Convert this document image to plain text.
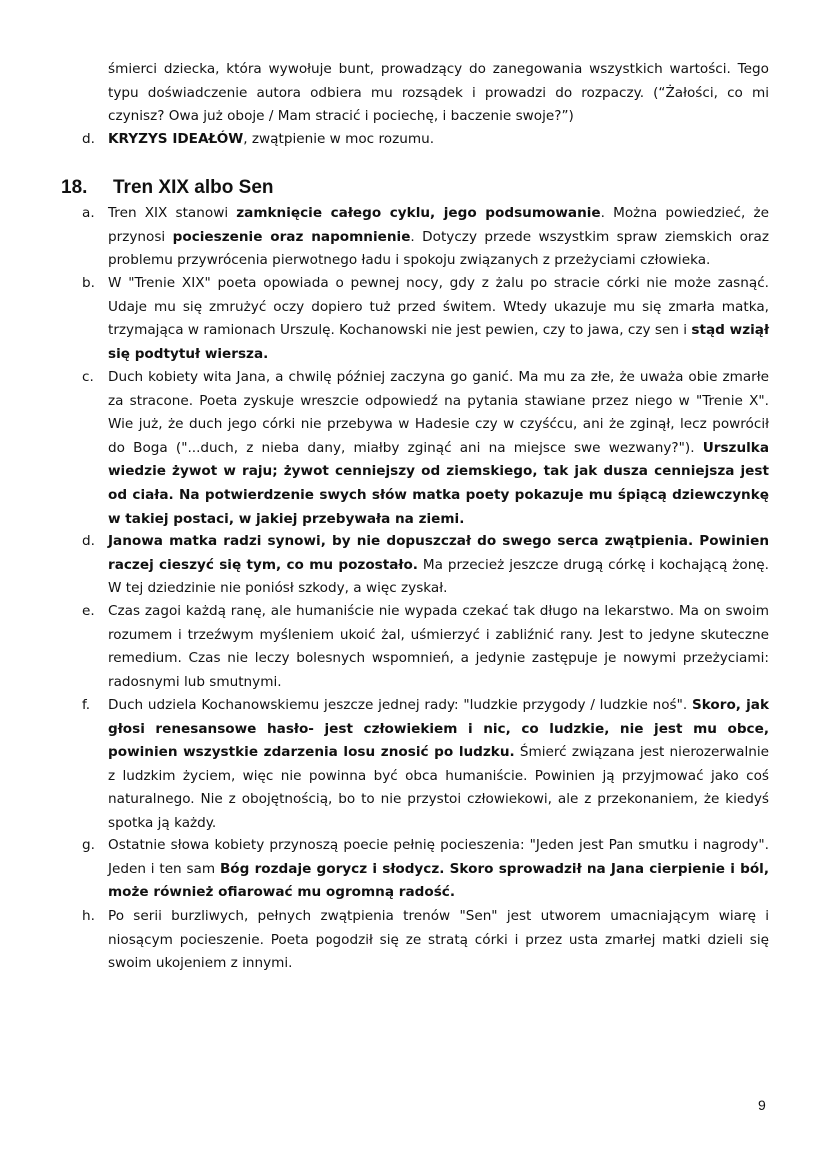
śmierci dziecka, która wywołuje bunt, prowadzący do zanegowania wszystkich wartości. Tego typu doświadczenie autora odbiera mu rozsądek i prowadzi do rozpaczy. (“Żałości, co mi czynisz? Owa już oboje / Mam stracić i pociechę, i baczenie swoje?”)

d. KRYZYS IDEAŁÓW, zwątpienie w moc rozumu.

18. Tren XIX albo Sen

a. Tren XIX stanowi zamknięcie całego cyklu, jego podsumowanie. Można powiedzieć, że przynosi pocieszenie oraz napomnienie. Dotyczy przede wszystkim spraw ziemskich oraz problemu przywrócenia pierwotnego ładu i spokoju związanych z przeżyciami człowieka.

b. W "Trenie XIX" poeta opowiada o pewnej nocy, gdy z żalu po stracie córki nie może zasnąć. Udaje mu się zmrużyć oczy dopiero tuż przed świtem. Wtedy ukazuje mu się zmarła matka, trzymająca w ramionach Urszulę. Kochanowski nie jest pewien, czy to jawa, czy sen i stąd wziął się podtytuł wiersza.

c.	Duch kobiety wita Jana, a chwilę później zaczyna go ganić. Ma mu za złe, że uważa obie zmarłe za stracone. Poeta zyskuje wreszcie odpowiedź na pytania stawiane przez niego w "Trenie X". Wie już, że duch jego córki nie przebywa w Hadesie czy w czyśćcu, ani że zginął, lecz powrócił do Boga ("...duch, z nieba dany, miałby zginąć ani na miejsce swe wezwany?"). Urszulka wiedzie żywot w raju; żywot cenniejszy od ziemskiego, tak jak dusza cenniejsza jest od ciała. Na potwierdzenie swych słów matka poety pokazuje mu śpiącą dziewczynkę w takiej postaci, w jakiej przebywała na ziemi.

d. Janowa matka radzi synowi, by nie dopuszczał do swego serca zwątpienia. Powinien raczej cieszyć się tym, co mu pozostało. Ma przecież jeszcze drugą córkę i kochającą żonę. W tej dziedzinie nie poniósł szkody, a więc zyskał.

e. Czas zagoi każdą ranę, ale humaniście nie wypada czekać tak długo na lekarstwo. Ma on swoim rozumem i trzeźwym myśleniem ukoić żal, uśmierzyć i zabliźnić rany. Jest to jedyne skuteczne remedium. Czas nie leczy bolesnych wspomnień, a jedynie zastępuje je nowymi przeżyciami: radosnymi lub smutnymi.

f.	Duch udziela Kochanowskiemu jeszcze jednej rady: "ludzkie przygody / ludzkie noś". Skoro, jak głosi renesansowe hasło- jest człowiekiem i nic, co ludzkie, nie jest mu obce, powinien wszystkie zdarzenia losu znosić po ludzku. Śmierć związana jest nierozerwalnie z ludzkim życiem, więc nie powinna być obca humaniście. Powinien ją przyjmować jako coś naturalnego. Nie z obojętnością, bo to nie przystoi człowiekowi, ale z przekonaniem, że kiedyś spotka ją każdy.

g. Ostatnie słowa kobiety przynoszą poecie pełnię pocieszenia: "Jeden jest Pan smutku i nagrody". Jeden i ten sam Bóg rozdaje gorycz i słodycz. Skoro sprowadził na Jana cierpienie i ból, może również ofiarować mu ogromną radość.

h. Po serii burzliwych, pełnych zwątpienia trenów "Sen" jest utworem umacniającym wiarę i niosącym pocieszenie. Poeta pogodził się ze stratą córki i przez usta zmarłej matki dzieli się swoim ukojeniem z innymi.

9
